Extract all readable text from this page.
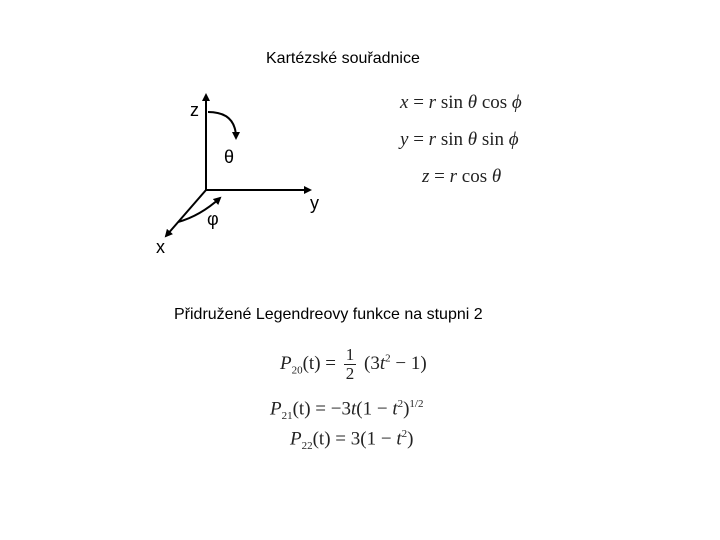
Kartézské souřadnice
Přidružené Legendreovy funkce na stupni 2
z
θ
y
φ
x
x = r sin θ cos ϕ
y = r sin θ sin ϕ
z = r cos θ
$P_{20}(t) = \frac{1}{2} (3t^2 - 1)$
$P_{21}(t) = -3t(1 - t^2)^{1/2}$
$P_{22}(t) = 3(1 - t^2)$
